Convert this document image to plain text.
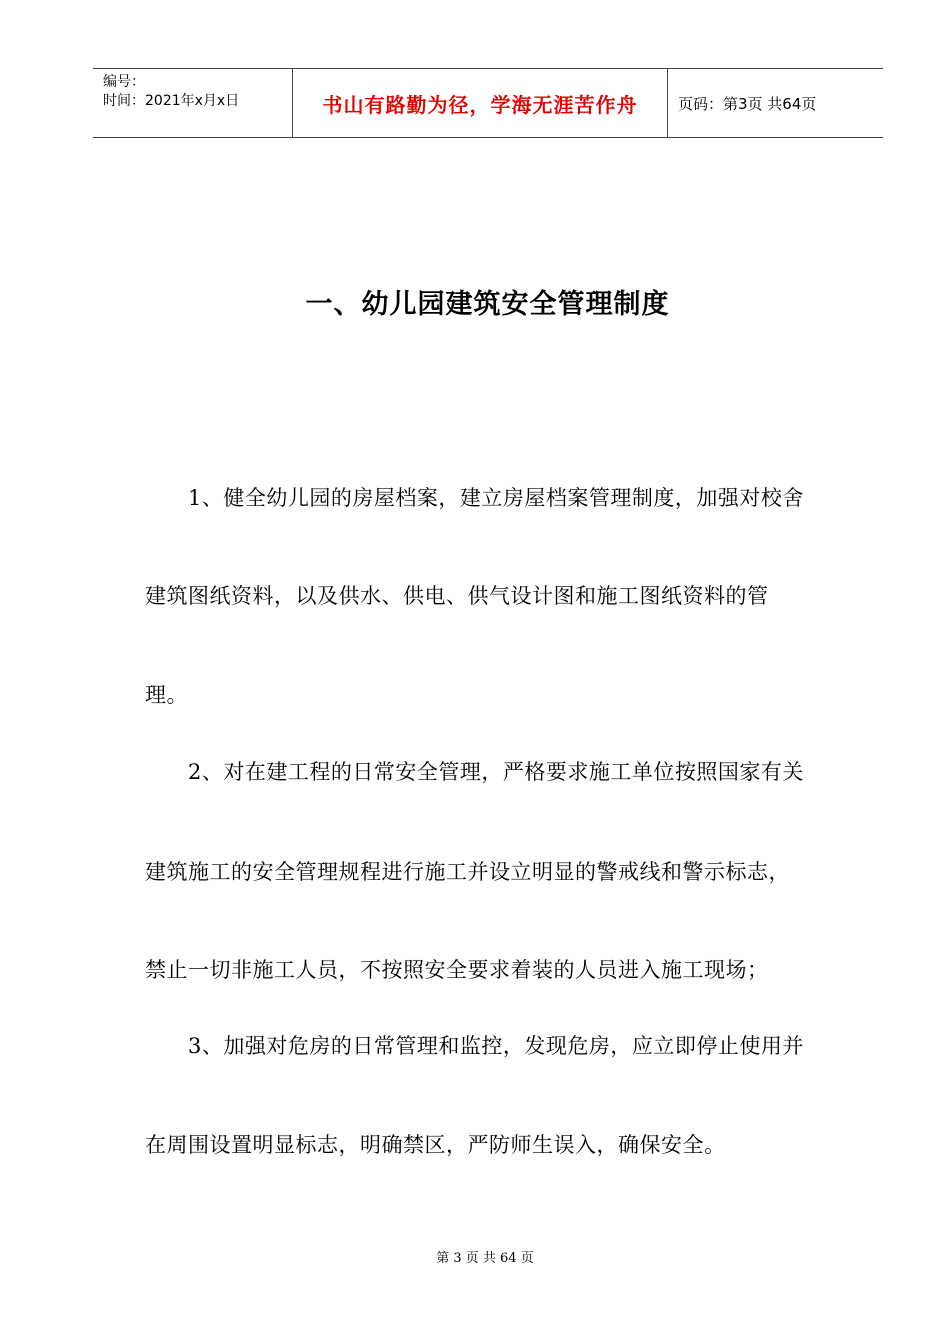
编号：
时间：2021年x月x日	书山有路勤为径，学海无涯苦作舟	页码：第3页 共64页
一、幼儿园建筑安全管理制度
1、健全幼儿园的房屋档案，建立房屋档案管理制度，加强对校舍
建筑图纸资料，以及供水、供电、供气设计图和施工图纸资料的管
理。
2、对在建工程的日常安全管理，严格要求施工单位按照国家有关
建筑施工的安全管理规程进行施工并设立明显的警戒线和警示标志，
禁止一切非施工人员，不按照安全要求着装的人员进入施工现场；
3、加强对危房的日常管理和监控，发现危房，应立即停止使用并
在周围设置明显标志，明确禁区，严防师生误入，确保安全。
第 3 页 共 64 页
